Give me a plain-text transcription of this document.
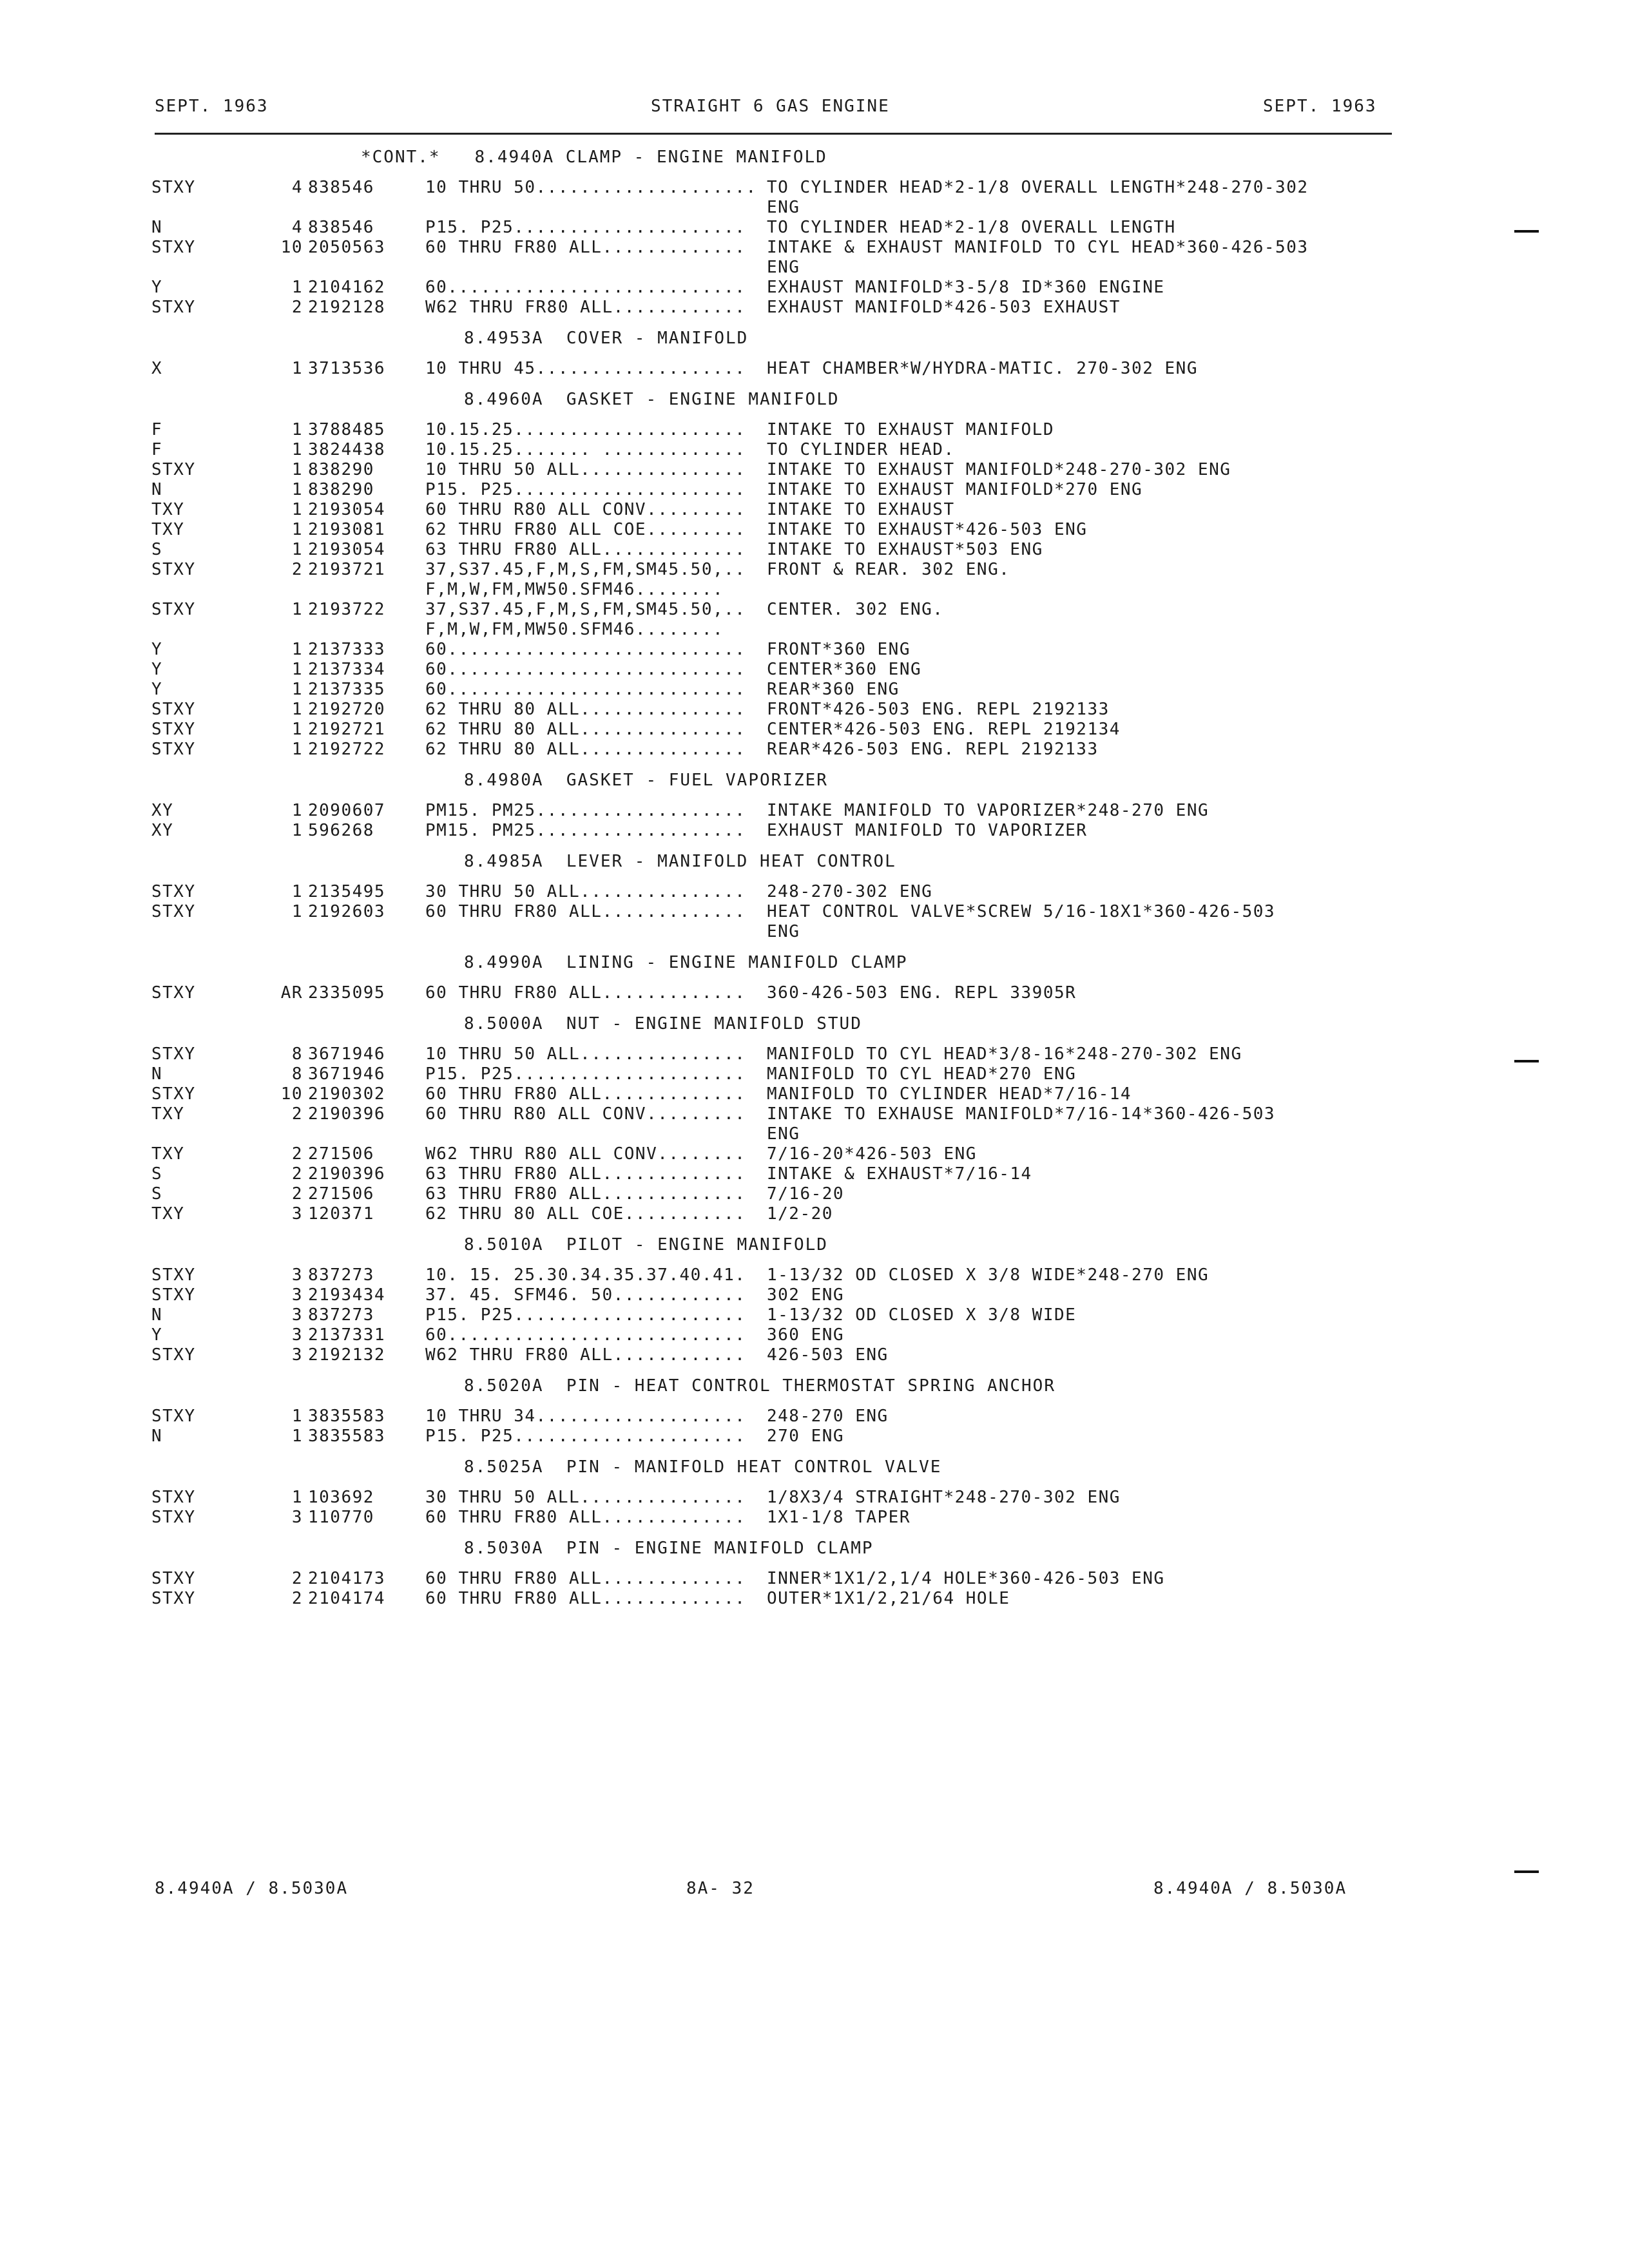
SEPT. 1963	STRAIGHT 6 GAS ENGINE	SEPT. 1963
*CONT.*   8.4940A CLAMP - ENGINE MANIFOLD
STXY	4 838546	10 THRU 50.................... TO CYLINDER HEAD*2-1/8 OVERALL LENGTH*248-270-302
ENG
N	4 838546	P15. P25..................... TO CYLINDER HEAD*2-1/8 OVERALL LENGTH
STXY	10 2050563 60 THRU FR80 ALL............. INTAKE & EXHAUST MANIFOLD TO CYL HEAD*360-426-503
ENG
Y	1 2104162 60........................... EXHAUST MANIFOLD*3-5/8 ID*360 ENGINE
STXY	2 2192128 W62 THRU FR80 ALL............ EXHAUST MANIFOLD*426-503 EXHAUST
8.4953A  COVER - MANIFOLD
X	1 3713536 10 THRU 45................... HEAT CHAMBER*W/HYDRA-MATIC. 270-302 ENG
8.4960A  GASKET - ENGINE MANIFOLD
F	1 3788485 10.15.25..................... INTAKE TO EXHAUST MANIFOLD
F	1 3824438 10.15.25....... ............. TO CYLINDER HEAD.
STXY	1 838290	10 THRU 50 ALL............... INTAKE TO EXHAUST MANIFOLD*248-270-302 ENG
N	1 838290	P15. P25..................... INTAKE TO EXHAUST MANIFOLD*270 ENG
TXY	1 2193054 60 THRU R80 ALL CONV......... INTAKE TO EXHAUST
TXY	1 2193081 62 THRU FR80 ALL COE......... INTAKE TO EXHAUST*426-503 ENG
S	1 2193054 63 THRU FR80 ALL............. INTAKE TO EXHAUST*503 ENG
STXY	2 2193721 37,S37.45,F,M,S,FM,SM45.50,.. FRONT & REAR. 302 ENG.
F,M,W,FM,MW50.SFM46........
STXY	1 2193722 37,S37.45,F,M,S,FM,SM45.50,.. CENTER. 302 ENG.
F,M,W,FM,MW50.SFM46........
Y	1 2137333 60........................... FRONT*360 ENG
Y	1 2137334 60........................... CENTER*360 ENG
Y	1 2137335 60........................... REAR*360 ENG
STXY	1 2192720 62 THRU 80 ALL............... FRONT*426-503 ENG. REPL 2192133
STXY	1 2192721 62 THRU 80 ALL............... CENTER*426-503 ENG. REPL 2192134
STXY	1 2192722 62 THRU 80 ALL............... REAR*426-503 ENG. REPL 2192133
8.4980A  GASKET - FUEL VAPORIZER
XY	1 2090607 PM15. PM25................... INTAKE MANIFOLD TO VAPORIZER*248-270 ENG
XY	1 596268	PM15. PM25................... EXHAUST MANIFOLD TO VAPORIZER
8.4985A  LEVER - MANIFOLD HEAT CONTROL
STXY	1 2135495 30 THRU 50 ALL............... 248-270-302 ENG
STXY	1 2192603 60 THRU FR80 ALL............. HEAT CONTROL VALVE*SCREW 5/16-18X1*360-426-503
ENG
8.4990A  LINING - ENGINE MANIFOLD CLAMP
STXY	AR 2335095 60 THRU FR80 ALL............. 360-426-503 ENG. REPL 33905R
8.5000A  NUT - ENGINE MANIFOLD STUD
STXY	8 3671946 10 THRU 50 ALL............... MANIFOLD TO CYL HEAD*3/8-16*248-270-302 ENG
N	8 3671946 P15. P25..................... MANIFOLD TO CYL HEAD*270 ENG
STXY	10 2190302 60 THRU FR80 ALL............. MANIFOLD TO CYLINDER HEAD*7/16-14
TXY	2 2190396 60 THRU R80 ALL CONV......... INTAKE TO EXHAUSE MANIFOLD*7/16-14*360-426-503
ENG
TXY	2 271506	W62 THRU R80 ALL CONV........ 7/16-20*426-503 ENG
S	2 2190396 63 THRU FR80 ALL............. INTAKE & EXHAUST*7/16-14
S	2 271506	63 THRU FR80 ALL............. 7/16-20
TXY	3 120371	62 THRU 80 ALL COE........... 1/2-20
8.5010A  PILOT - ENGINE MANIFOLD
STXY	3 837273	10. 15. 25.30.34.35.37.40.41. 1-13/32 OD CLOSED X 3/8 WIDE*248-270 ENG
STXY	3 2193434 37. 45. SFM46. 50............ 302 ENG
N	3 837273	P15. P25..................... 1-13/32 OD CLOSED X 3/8 WIDE
Y	3 2137331 60........................... 360 ENG
STXY	3 2192132 W62 THRU FR80 ALL............ 426-503 ENG
8.5020A  PIN - HEAT CONTROL THERMOSTAT SPRING ANCHOR
STXY	1 3835583 10 THRU 34................... 248-270 ENG
N	1 3835583 P15. P25..................... 270 ENG
8.5025A  PIN - MANIFOLD HEAT CONTROL VALVE
STXY	1 103692	30 THRU 50 ALL............... 1/8X3/4 STRAIGHT*248-270-302 ENG
STXY	3 110770	60 THRU FR80 ALL............. 1X1-1/8 TAPER
8.5030A  PIN - ENGINE MANIFOLD CLAMP
STXY	2 2104173 60 THRU FR80 ALL............. INNER*1X1/2,1/4 HOLE*360-426-503 ENG
STXY	2 2104174 60 THRU FR80 ALL............. OUTER*1X1/2,21/64 HOLE
8.4940A / 8.5030A	8A- 32	8.4940A / 8.5030A
